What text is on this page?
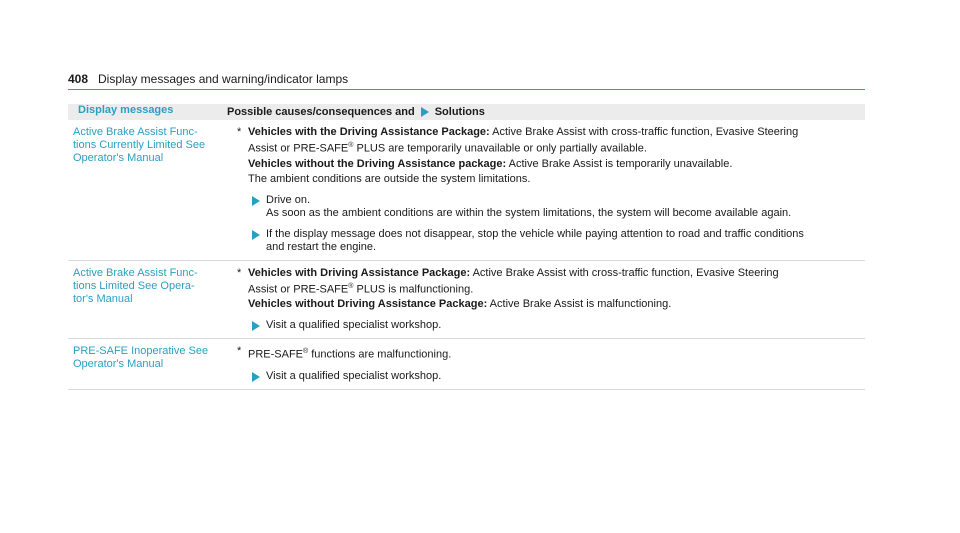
408 Display messages and warning/indicator lamps
Display messages	Possible causes/consequences and Solutions
Active Brake Assist Func-
tions Currently Limited See
Operator's Manual
* Vehicles with the Driving Assistance Package: Active Brake Assist with cross-traffic function, Evasive Steering
Assist or PRE-SAFE® PLUS are temporarily unavailable or only partially available.
Vehicles without the Driving Assistance package: Active Brake Assist is temporarily unavailable.
The ambient conditions are outside the system limitations.
Drive on.
As soon as the ambient conditions are within the system limitations, the system will become available again.
If the display message does not disappear, stop the vehicle while paying attention to road and traffic conditions
and restart the engine.
Active Brake Assist Func-
tions Limited See Opera-
tor's Manual
* Vehicles with Driving Assistance Package: Active Brake Assist with cross-traffic function, Evasive Steering
Assist or PRE-SAFE® PLUS is malfunctioning.
Vehicles without Driving Assistance Package: Active Brake Assist is malfunctioning.
Visit a qualified specialist workshop.
PRE-SAFE Inoperative See
Operator's Manual
* PRE-SAFE® functions are malfunctioning.
Visit a qualified specialist workshop.
